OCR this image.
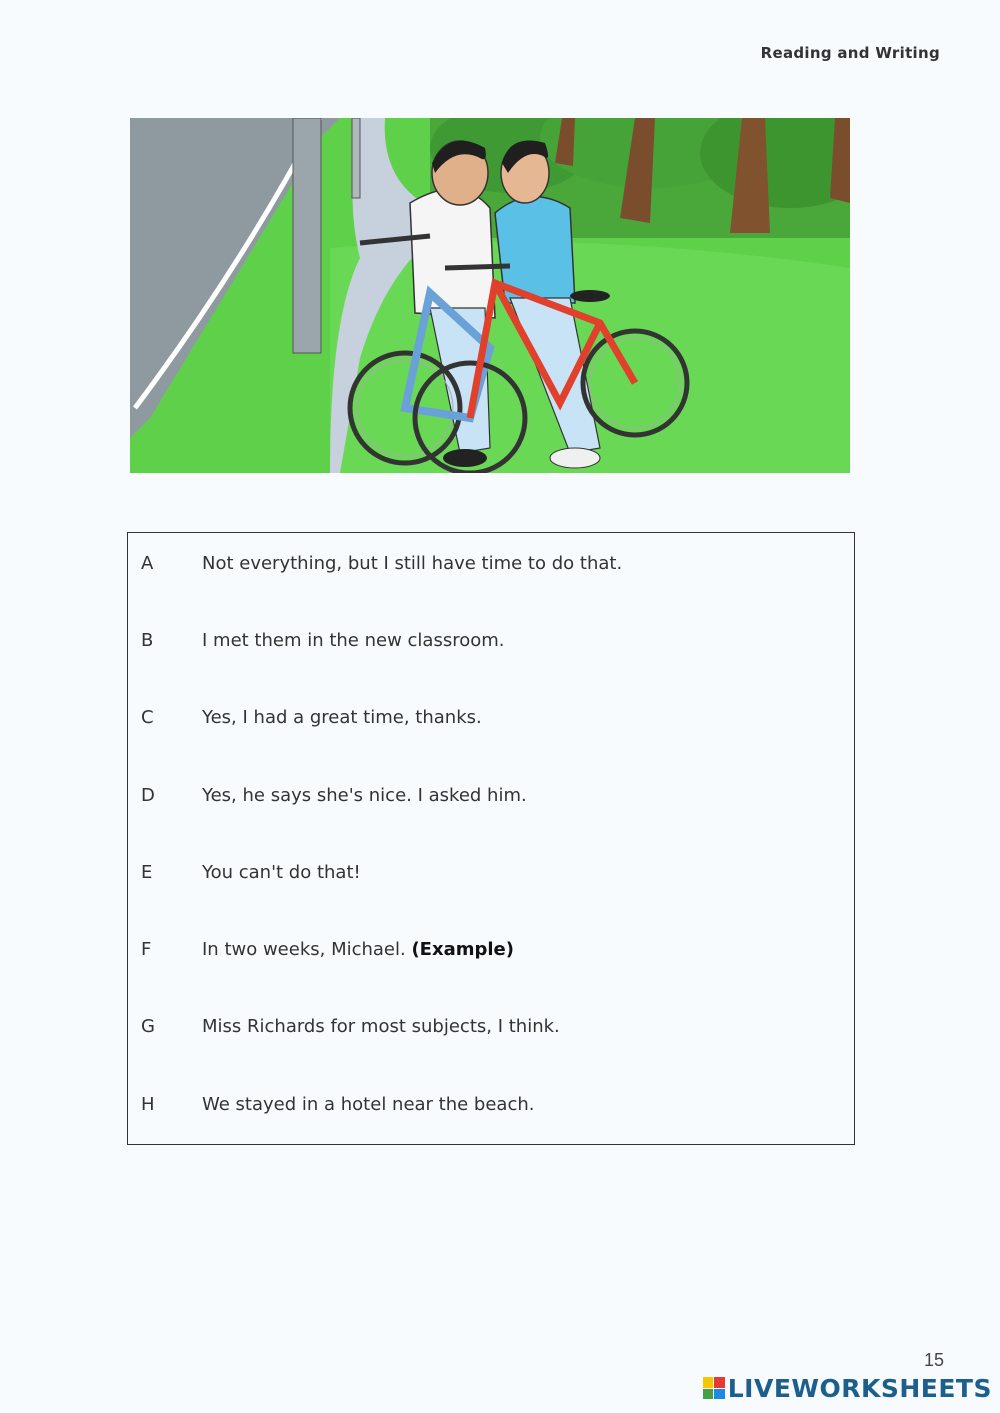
Reading and Writing
A	Not everything, but I still have time to do that.
B	I met them in the new classroom.
C	Yes, I had a great time, thanks.
D	Yes, he says she's nice. I asked him.
E	You can't do that!
F	In two weeks, Michael. (Example)
G	Miss Richards for most subjects, I think.
H	We stayed in a hotel near the beach.
15
LIVEWORKSHEETS
